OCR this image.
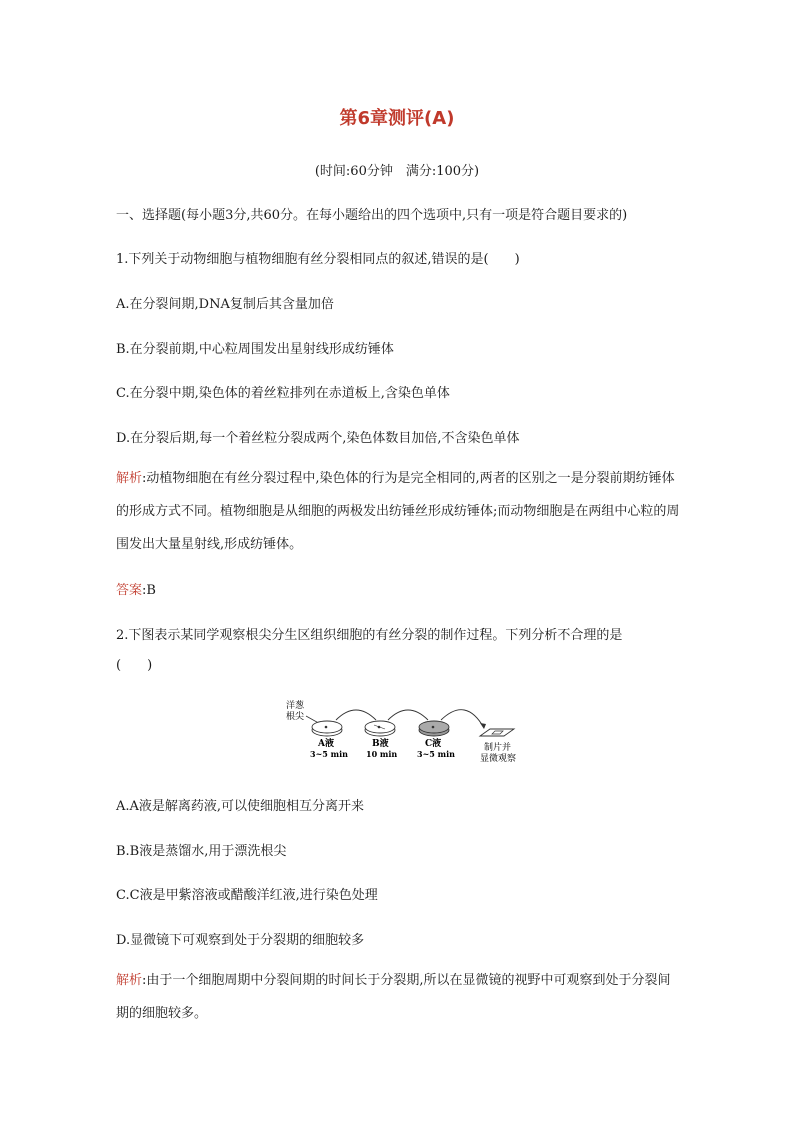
第6章测评(A)
(时间:60分钟　满分:100分)
一、选择题(每小题3分,共60分。在每小题给出的四个选项中,只有一项是符合题目要求的)
1.下列关于动物细胞与植物细胞有丝分裂相同点的叙述,错误的是(　　)
A.在分裂间期,DNA复制后其含量加倍
B.在分裂前期,中心粒周围发出星射线形成纺锤体
C.在分裂中期,染色体的着丝粒排列在赤道板上,含染色单体
D.在分裂后期,每一个着丝粒分裂成两个,染色体数目加倍,不含染色单体
解析:动植物细胞在有丝分裂过程中,染色体的行为是完全相同的,两者的区别之一是分裂前期纺锤体的形成方式不同。植物细胞是从细胞的两极发出纺锤丝形成纺锤体;而动物细胞是在两组中心粒的周围发出大量星射线,形成纺锤体。
答案:B
2.下图表示某同学观察根尖分生区组织细胞的有丝分裂的制作过程。下列分析不合理的是
(　　)
洋葱
根尖
A液
3~5 min
B液
10 min
C液
3~5 min
制片并
显微观察
A.A液是解离药液,可以使细胞相互分离开来
B.B液是蒸馏水,用于漂洗根尖
C.C液是甲紫溶液或醋酸洋红液,进行染色处理
D.显微镜下可观察到处于分裂期的细胞较多
解析:由于一个细胞周期中分裂间期的时间长于分裂期,所以在显微镜的视野中可观察到处于分裂间期的细胞较多。
